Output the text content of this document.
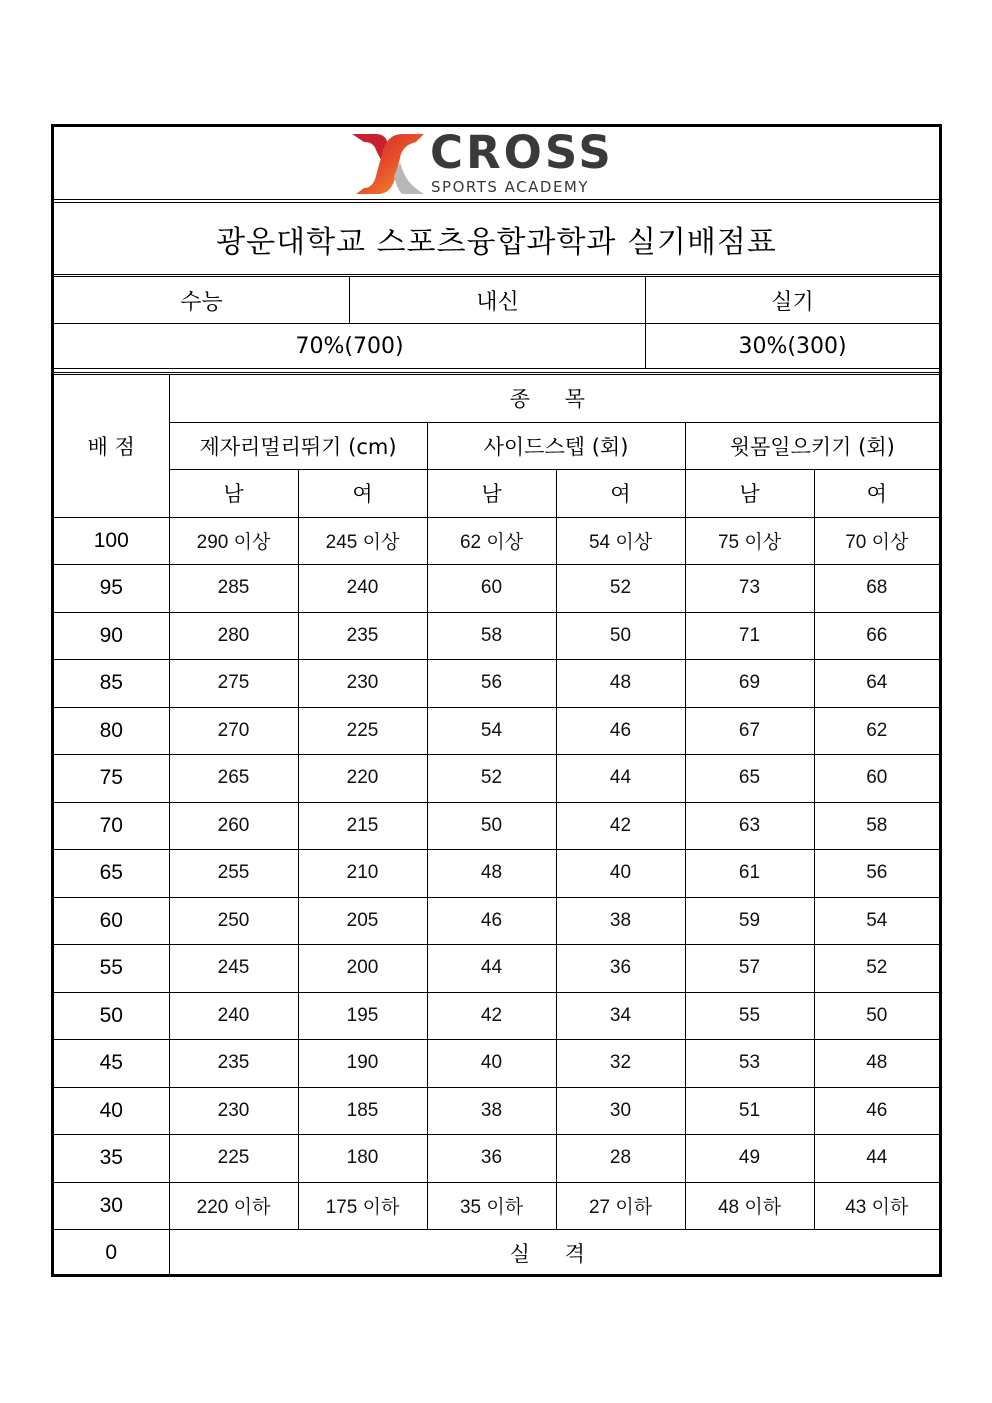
CROSS
SPORTS ACADEMY
광운대학교 스포츠융합과학과 실기배점표
수능	내신	실기
70%(700)	30%(300)
배 점	종 목					
	제자리멀리뛰기 (cm)		사이드스텝 (회)		윗몸일으키기 (회)	
	남	여	남	여	남	여
100	290 이상	245 이상	62 이상	54 이상	75 이상	70 이상
95	285	240	60	52	73	68
90	280	235	58	50	71	66
85	275	230	56	48	69	64
80	270	225	54	46	67	62
75	265	220	52	44	65	60
70	260	215	50	42	63	58
65	255	210	48	40	61	56
60	250	205	46	38	59	54
55	245	200	44	36	57	52
50	240	195	42	34	55	50
45	235	190	40	32	53	48
40	230	185	38	30	51	46
35	225	180	36	28	49	44
30	220 이하	175 이하	35 이하	27 이하	48 이하	43 이하
0	실 격					
